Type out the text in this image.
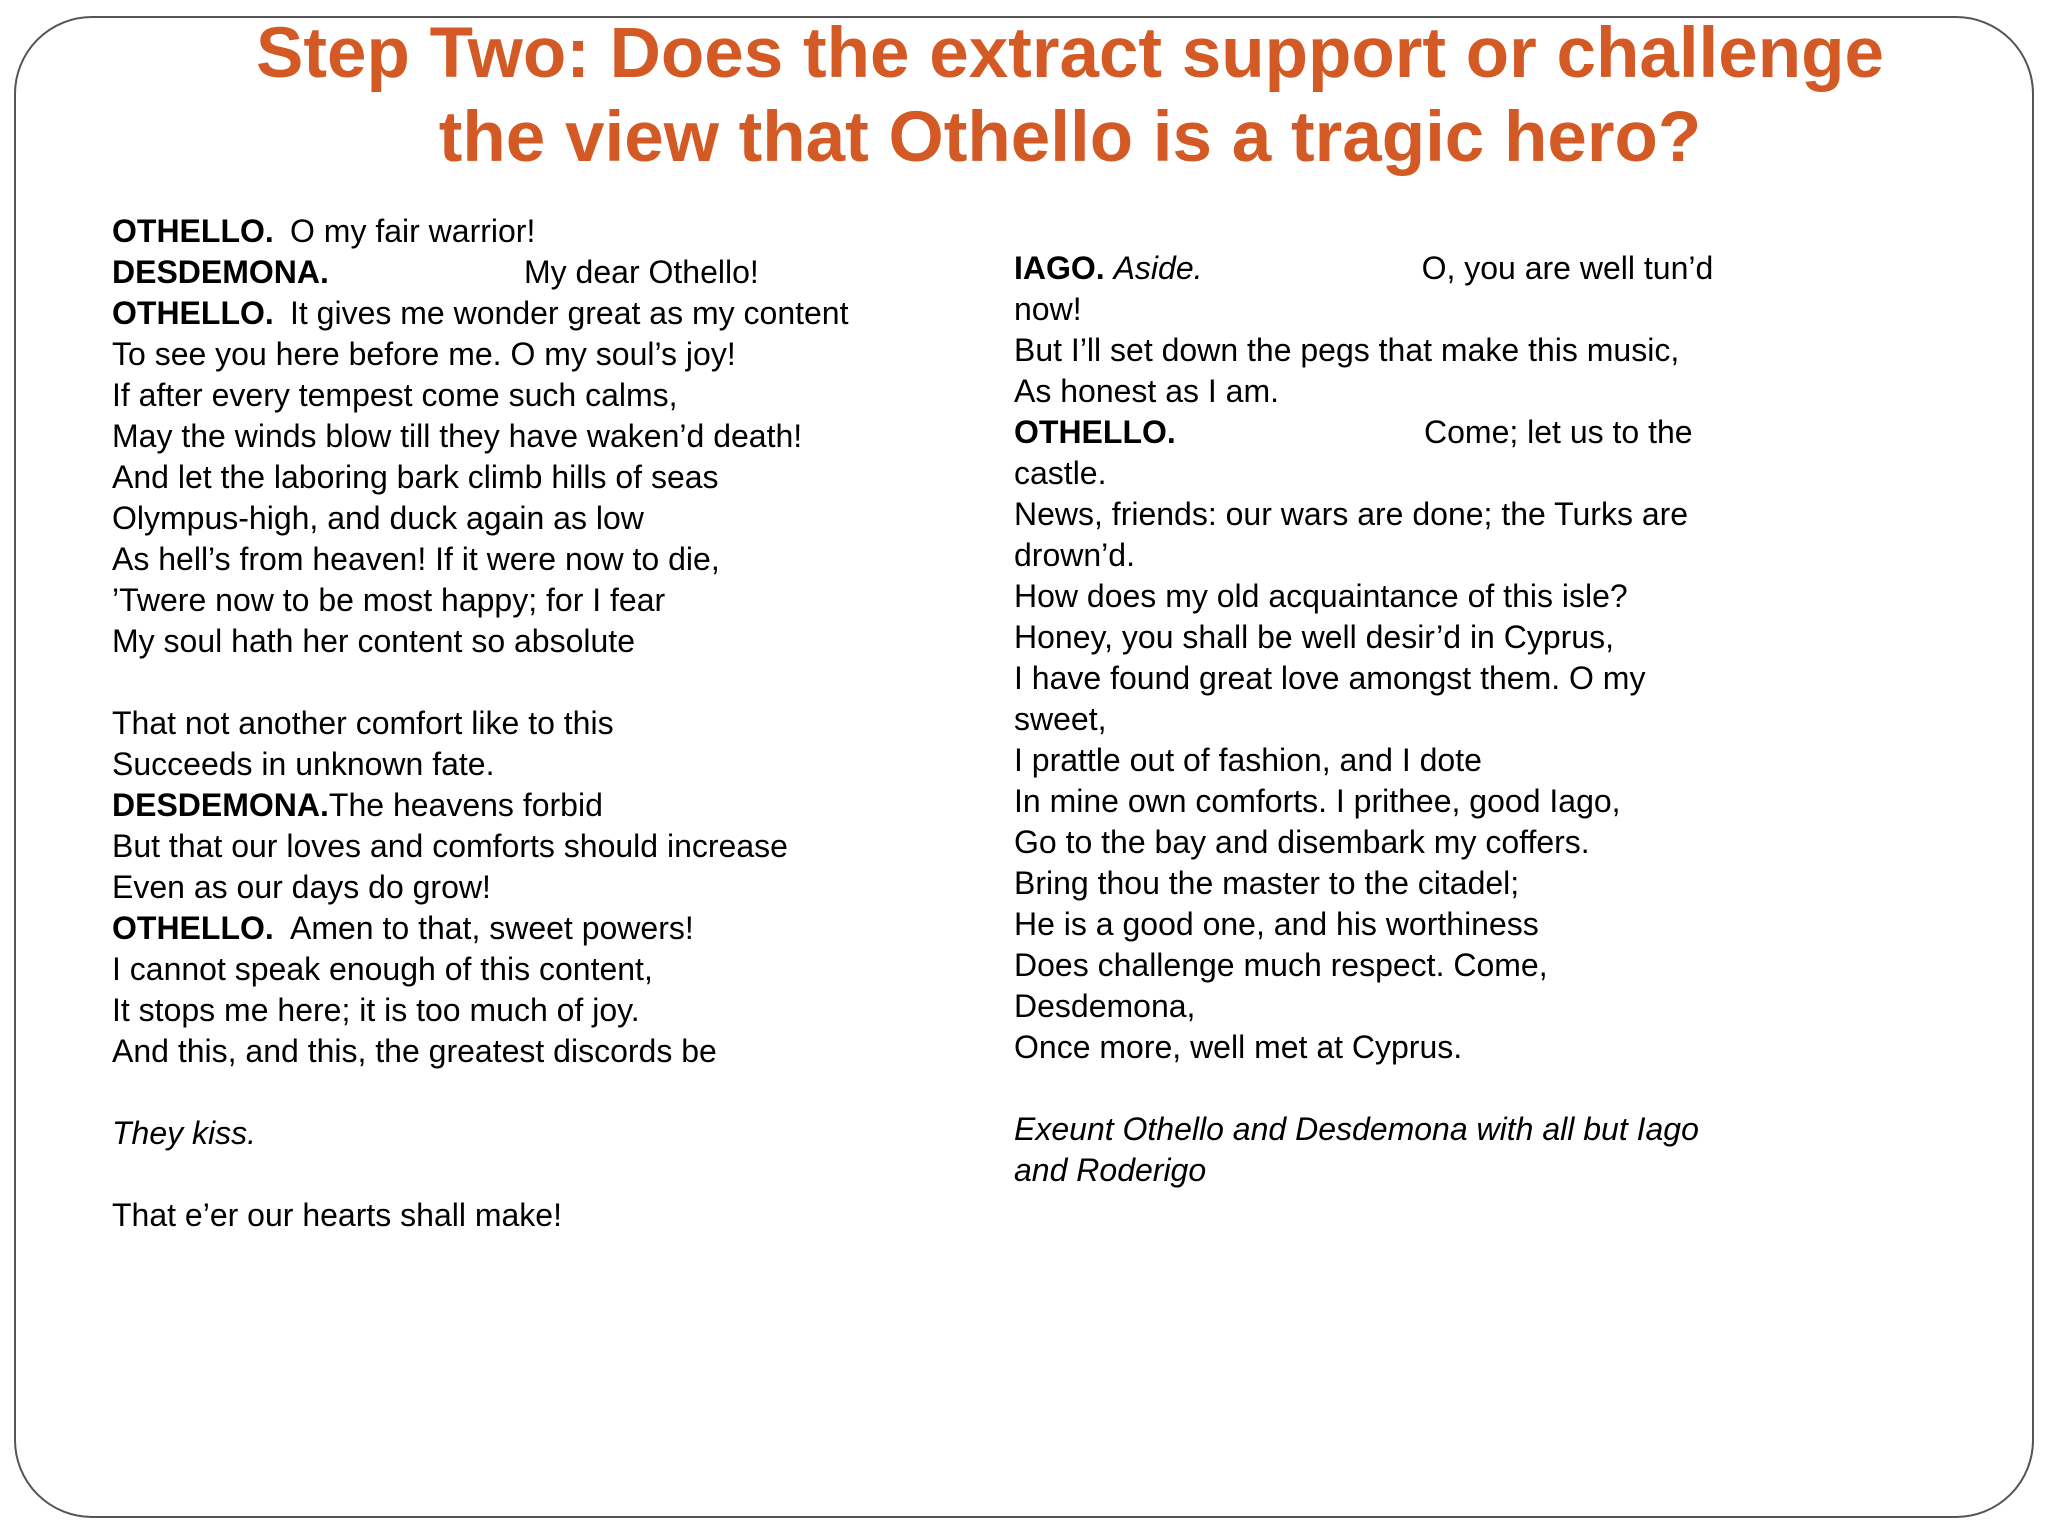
Step Two: Does the extract support or challenge
the view that Othello is a tragic hero?
OTHELLO. O my fair warrior!
DESDEMONA.	My dear Othello!
OTHELLO. It gives me wonder great as my content
To see you here before me. O my soul’s joy!
If after every tempest come such calms,
May the winds blow till they have waken’d death!
And let the laboring bark climb hills of seas
Olympus-high, and duck again as low
As hell’s from heaven! If it were now to die,
’Twere now to be most happy; for I fear
My soul hath her content so absolute
That not another comfort like to this
Succeeds in unknown fate.
DESDEMONA.The heavens forbid
But that our loves and comforts should increase
Even as our days do grow!
OTHELLO. Amen to that, sweet powers!
I cannot speak enough of this content,
It stops me here; it is too much of joy.
And this, and this, the greatest discords be
They kiss.
That e’er our hearts shall make!
IAGO. Aside.	O, you are well tun’d
now!
But I’ll set down the pegs that make this music,
As honest as I am.
OTHELLO.	Come; let us to the
castle.
News, friends: our wars are done; the Turks are
drown’d.
How does my old acquaintance of this isle?
Honey, you shall be well desir’d in Cyprus,
I have found great love amongst them. O my
sweet,
I prattle out of fashion, and I dote
In mine own comforts. I prithee, good Iago,
Go to the bay and disembark my coffers.
Bring thou the master to the citadel;
He is a good one, and his worthiness
Does challenge much respect. Come,
Desdemona,
Once more, well met at Cyprus.
Exeunt Othello and Desdemona with all but Iago
and Roderigo
